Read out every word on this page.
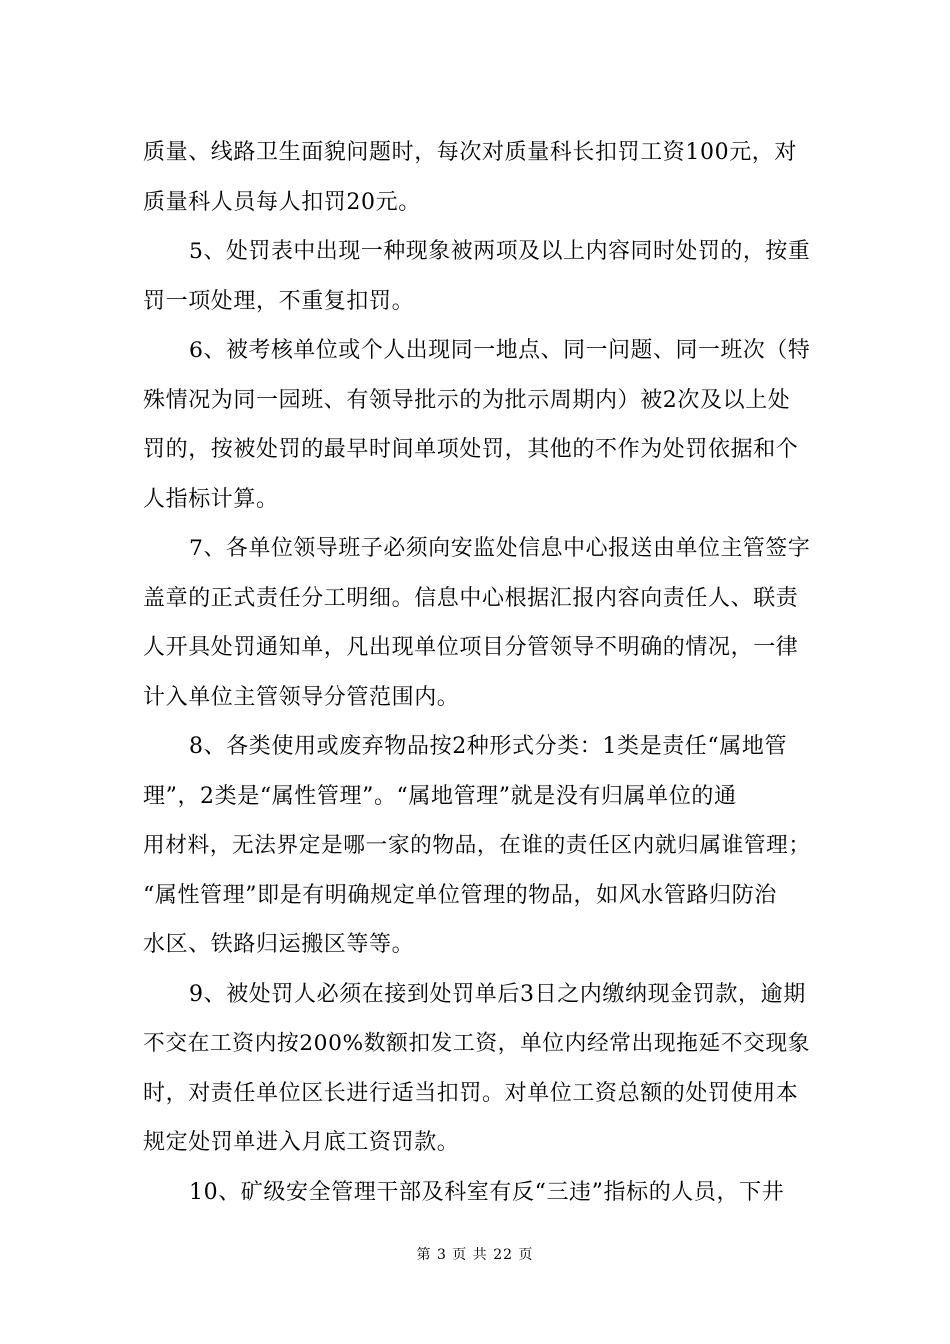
质量、线路卫生面貌问题时，每次对质量科长扣罚工资100元，对
质量科人员每人扣罚20元。
5、处罚表中出现一种现象被两项及以上内容同时处罚的，按重
罚一项处理，不重复扣罚。
6、被考核单位或个人出现同一地点、同一问题、同一班次（特
殊情况为同一园班、有领导批示的为批示周期内）被2次及以上处
罚的，按被处罚的最早时间单项处罚，其他的不作为处罚依据和个
人指标计算。
7、各单位领导班子必须向安监处信息中心报送由单位主管签字
盖章的正式责任分工明细。信息中心根据汇报内容向责任人、联责
人开具处罚通知单，凡出现单位项目分管领导不明确的情况，一律
计入单位主管领导分管范围内。
8、各类使用或废弃物品按2种形式分类：1类是责任“属地管
理”，2类是“属性管理”。“属地管理”就是没有归属单位的通
用材料，无法界定是哪一家的物品，在谁的责任区内就归属谁管理；
“属性管理”即是有明确规定单位管理的物品，如风水管路归防治
水区、铁路归运搬区等等。
9、被处罚人必须在接到处罚单后3日之内缴纳现金罚款，逾期
不交在工资内按200%数额扣发工资，单位内经常出现拖延不交现象
时，对责任单位区长进行适当扣罚。对单位工资总额的处罚使用本
规定处罚单进入月底工资罚款。
10、矿级安全管理干部及科室有反“三违”指标的人员，下井
第 3 页 共 22 页
